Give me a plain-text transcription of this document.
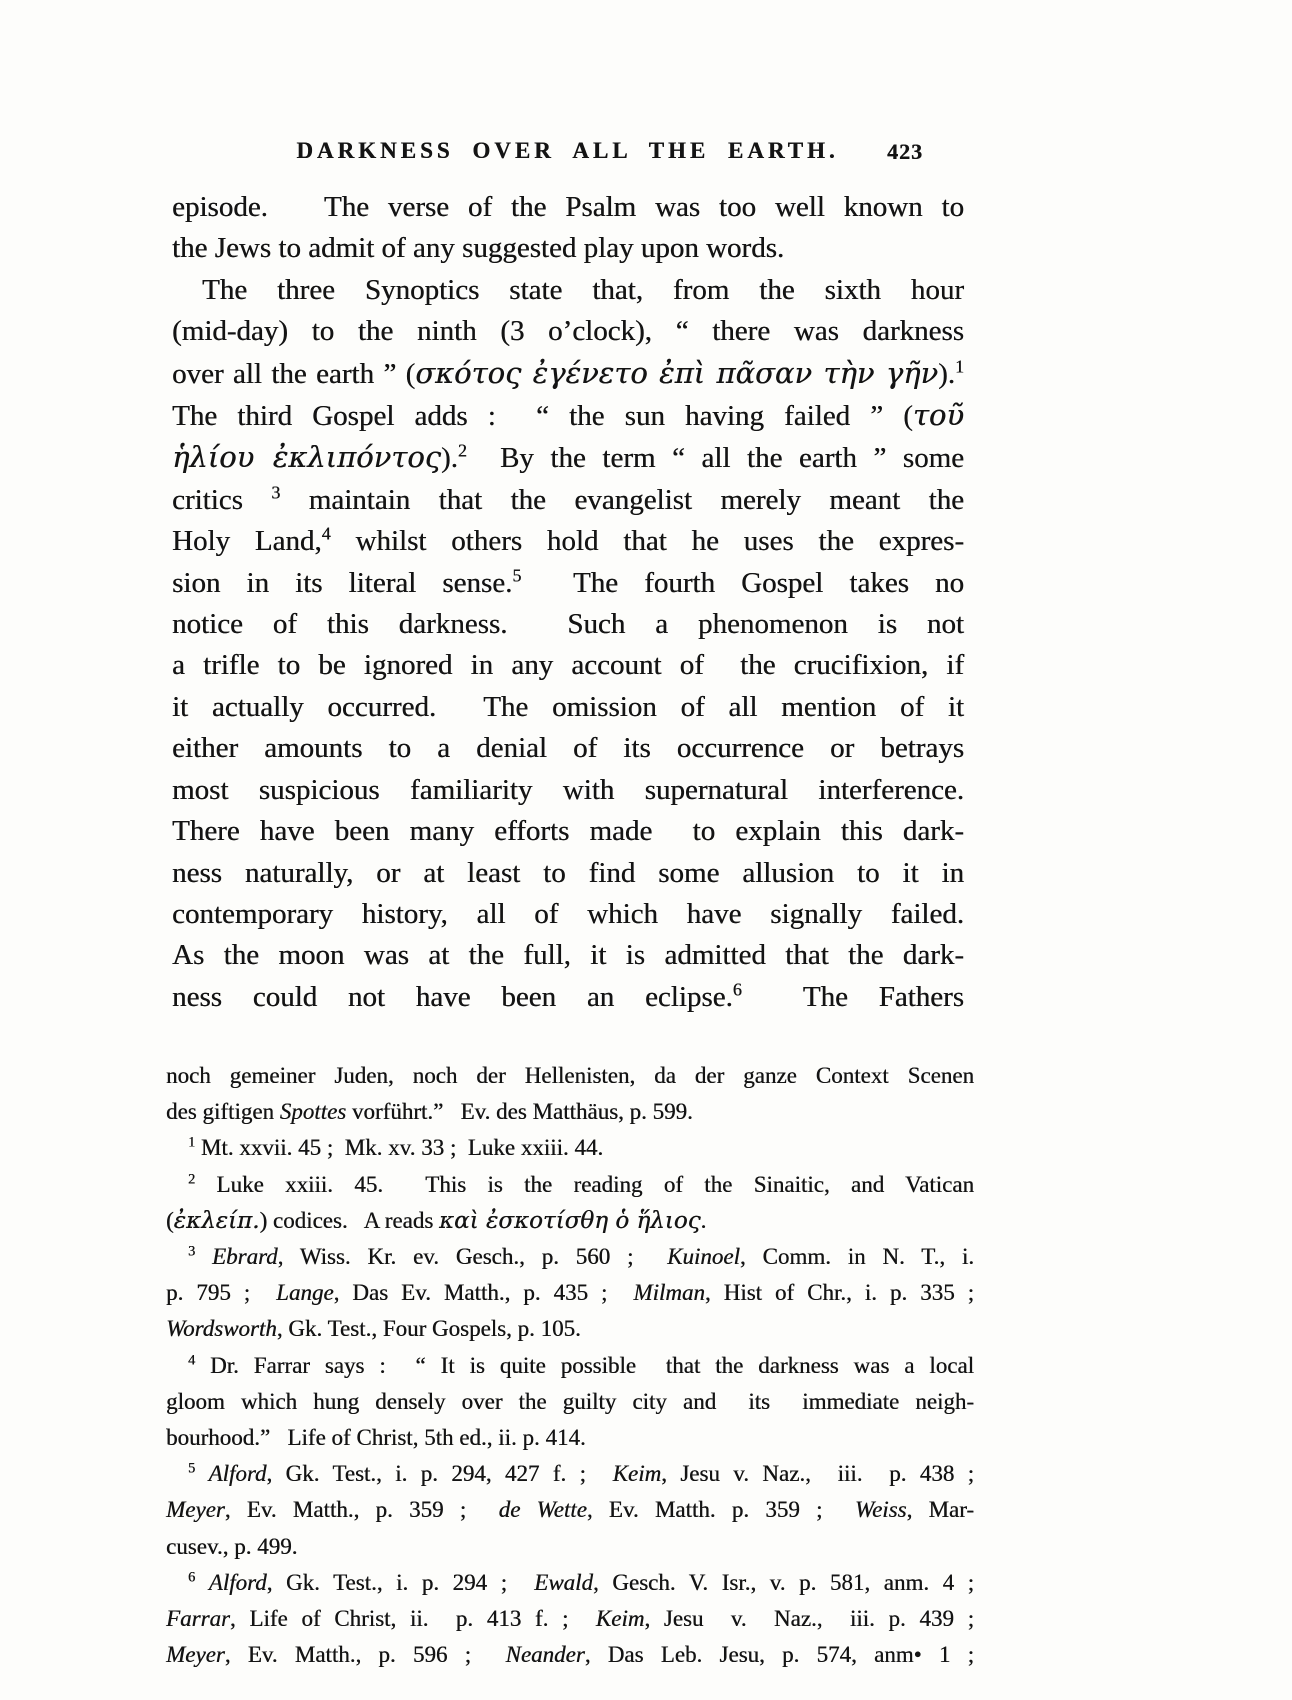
DARKNESS OVER ALL THE EARTH.	423
episode.   The verse of the Psalm was too well known to
the Jews to admit of any suggested play upon words.
The three Synoptics state that, from the sixth hour
(mid-day) to the ninth (3 o’clock), “ there was darkness
over all the earth ” (σκότος ἐγένετο ἐπὶ πᾶσαν τὴν γῆν).$^1$
The third Gospel adds :  “ the sun having failed ” (τοῦ
ἡλίου ἐκλιπόντος).$^2$  By the term “ all the earth ” some
critics $^3$ maintain that the evangelist merely meant the
Holy Land,$^4$ whilst others hold that he uses the expres-
sion in its literal sense.$^5$  The fourth Gospel takes no
notice of this darkness.  Such a phenomenon is not
a trifle to be ignored in any account of  the crucifixion, if
it actually occurred.  The omission of all mention of it
either amounts to a denial of its occurrence or betrays
most suspicious familiarity with supernatural interference.
There have been many efforts made  to explain this dark-
ness naturally, or at least to find some allusion to it in
contemporary history, all of which have signally failed.
As the moon was at the full, it is admitted that the dark-
ness could not have been an eclipse.$^6$  The Fathers
noch gemeiner Juden, noch der Hellenisten, da der ganze Context Scenen
des giftigen Spottes vorführt.”   Ev. des Matthäus, p. 599.
$^1$ Mt. xxvii. 45 ;  Mk. xv. 33 ;  Luke xxiii. 44.
$^2$ Luke xxiii. 45.  This is the reading of the Sinaitic, and Vatican
(ἐκλείπ.) codices.   A reads καὶ ἐσκοτίσθη ὁ ἥλιος.
$^3$ Ebrard, Wiss. Kr. ev. Gesch., p. 560 ;  Kuinoel, Comm. in N. T., i.
p. 795 ;  Lange, Das Ev. Matth., p. 435 ;  Milman, Hist of Chr., i. p. 335 ;
Wordsworth, Gk. Test., Four Gospels, p. 105.
$^4$ Dr. Farrar says :  “ It is quite possible  that the darkness was a local
gloom which hung densely over the guilty city and  its  immediate neigh-
bourhood.”   Life of Christ, 5th ed., ii. p. 414.
$^5$ Alford, Gk. Test., i. p. 294, 427 f. ;  Keim, Jesu v. Naz.,  iii.  p. 438 ;
Meyer, Ev. Matth., p. 359 ;  de Wette, Ev. Matth. p. 359 ;  Weiss, Mar-
cusev., p. 499.
$^6$ Alford, Gk. Test., i. p. 294 ;  Ewald, Gesch. V. Isr., v. p. 581, anm. 4 ;
Farrar, Life of Christ, ii.  p. 413 f. ;  Keim, Jesu  v.  Naz.,  iii. p. 439 ;
Meyer, Ev. Matth., p. 596 ;  Neander, Das Leb. Jesu, p. 574, anm• 1 ;
